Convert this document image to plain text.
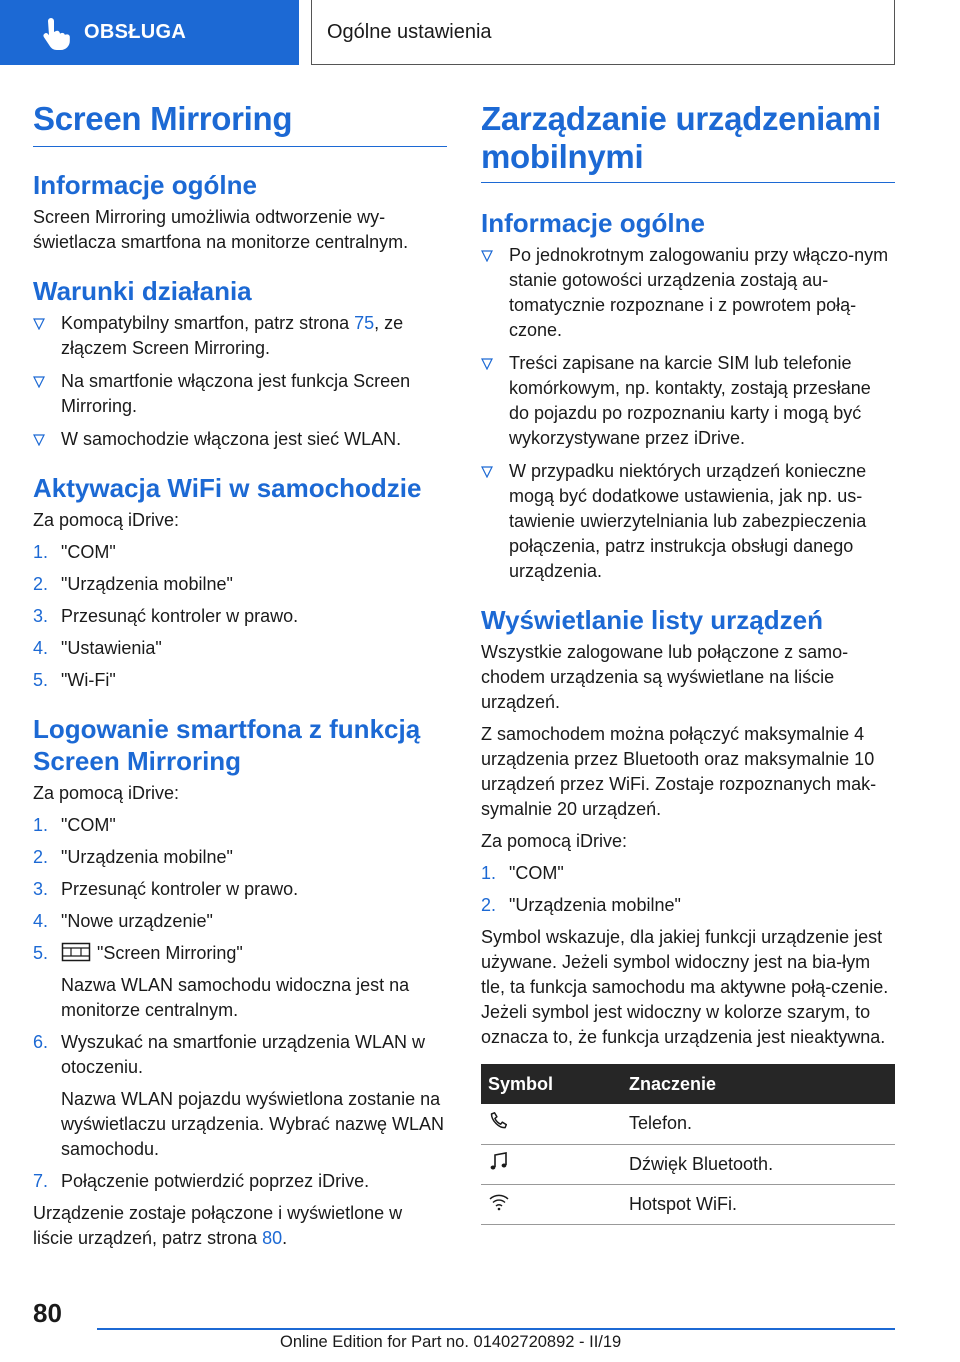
OBSŁUGA	Ogólne ustawienia
Screen Mirroring
Informacje ogólne

Screen Mirroring umożliwia odtworzenie wy-świetlacza smartfona na monitorze centralnym.

Warunki działania
Kompatybilny smartfon, patrz strona 75, ze złączem Screen Mirroring.
Na smartfonie włączona jest funkcja Screen Mirroring.
W samochodzie włączona jest sieć WLAN.
Aktywacja WiFi w samochodzie

Za pomocą iDrive:

1. "COM"
2. "Urządzenia mobilne"
3. Przesunąć kontroler w prawo.
4. "Ustawienia"
5. "Wi-Fi"
Logowanie smartfona z funkcją Screen Mirroring

Za pomocą iDrive:

1. "COM"
2. "Urządzenia mobilne"
3. Przesunąć kontroler w prawo.
4. "Nowe urządzenie"
5.	"Screen Mirroring"
Nazwa WLAN samochodu widoczna jest na monitorze centralnym.
6. Wyszukać na smartfonie urządzenia WLAN w otoczeniu.
Nazwa WLAN pojazdu wyświetlona zostanie na wyświetlaczu urządzenia. Wybrać nazwę WLAN samochodu.
7. Połączenie potwierdzić poprzez iDrive.

Urządzenie zostaje połączone i wyświetlone w liście urządzeń, patrz strona 80.

Zarządzanie urządzeniami mobilnymi
Informacje ogólne
Po jednokrotnym zalogowaniu przy włączo-nym stanie gotowości urządzenia zostają au-tomatycznie rozpoznane i z powrotem połą-czone.
Treści zapisane na karcie SIM lub telefonie komórkowym, np. kontakty, zostają przesłane do pojazdu po rozpoznaniu karty i mogą być wykorzystywane przez iDrive.
W przypadku niektórych urządzeń konieczne mogą być dodatkowe ustawienia, jak np. us-tawienie uwierzytelniania lub zabezpieczenia połączenia, patrz instrukcja obsługi danego urządzenia.
Wyświetlanie listy urządzeń

Wszystkie zalogowane lub połączone z samo-chodem urządzenia są wyświetlane na liście urządzeń.

Z samochodem można połączyć maksymalnie 4 urządzenia przez Bluetooth oraz maksymalnie 10 urządzeń przez WiFi. Zostaje rozpoznanych mak-symalnie 20 urządzeń.

Za pomocą iDrive:

1. "COM"
2. "Urządzenia mobilne"

Symbol wskazuje, dla jakiej funkcji urządzenie jest używane. Jeżeli symbol widoczny jest na bia-łym tle, ta funkcja samochodu ma aktywne połą-czenie. Jeżeli symbol jest widoczny w kolorze szarym, to oznacza to, że funkcja urządzenia jest nieaktywna.

Symbol	Znaczenie
	Telefon.
	Dźwięk Bluetooth.
	Hotspot WiFi.
80
Online Edition for Part no. 01402720892 - II/19
